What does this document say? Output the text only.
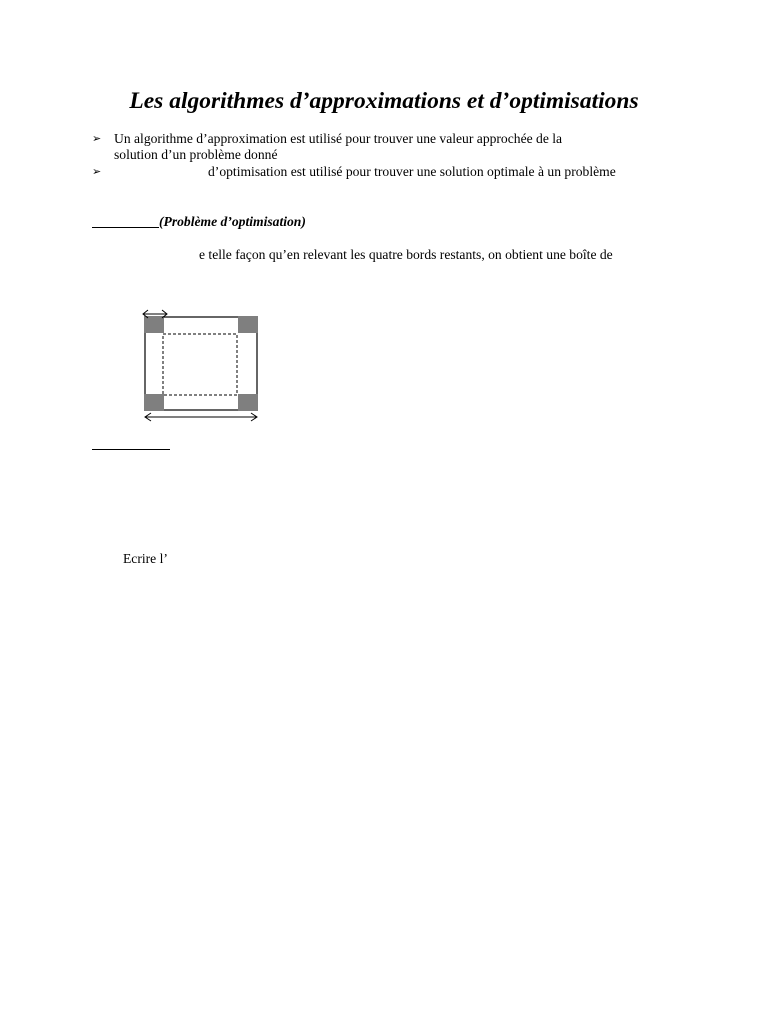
Les algorithmes d’approximations et d’optimisations
➢ Un algorithme d’approximation est utilisé pour trouver une valeur approchée de la
solution d’un problème donné
➢	d’optimisation est utilisé pour trouver une solution optimale à un problème
(Problème d’optimisation)
e telle façon qu’en relevant les quatre bords restants, on obtient une boîte de
Ecrire l’
